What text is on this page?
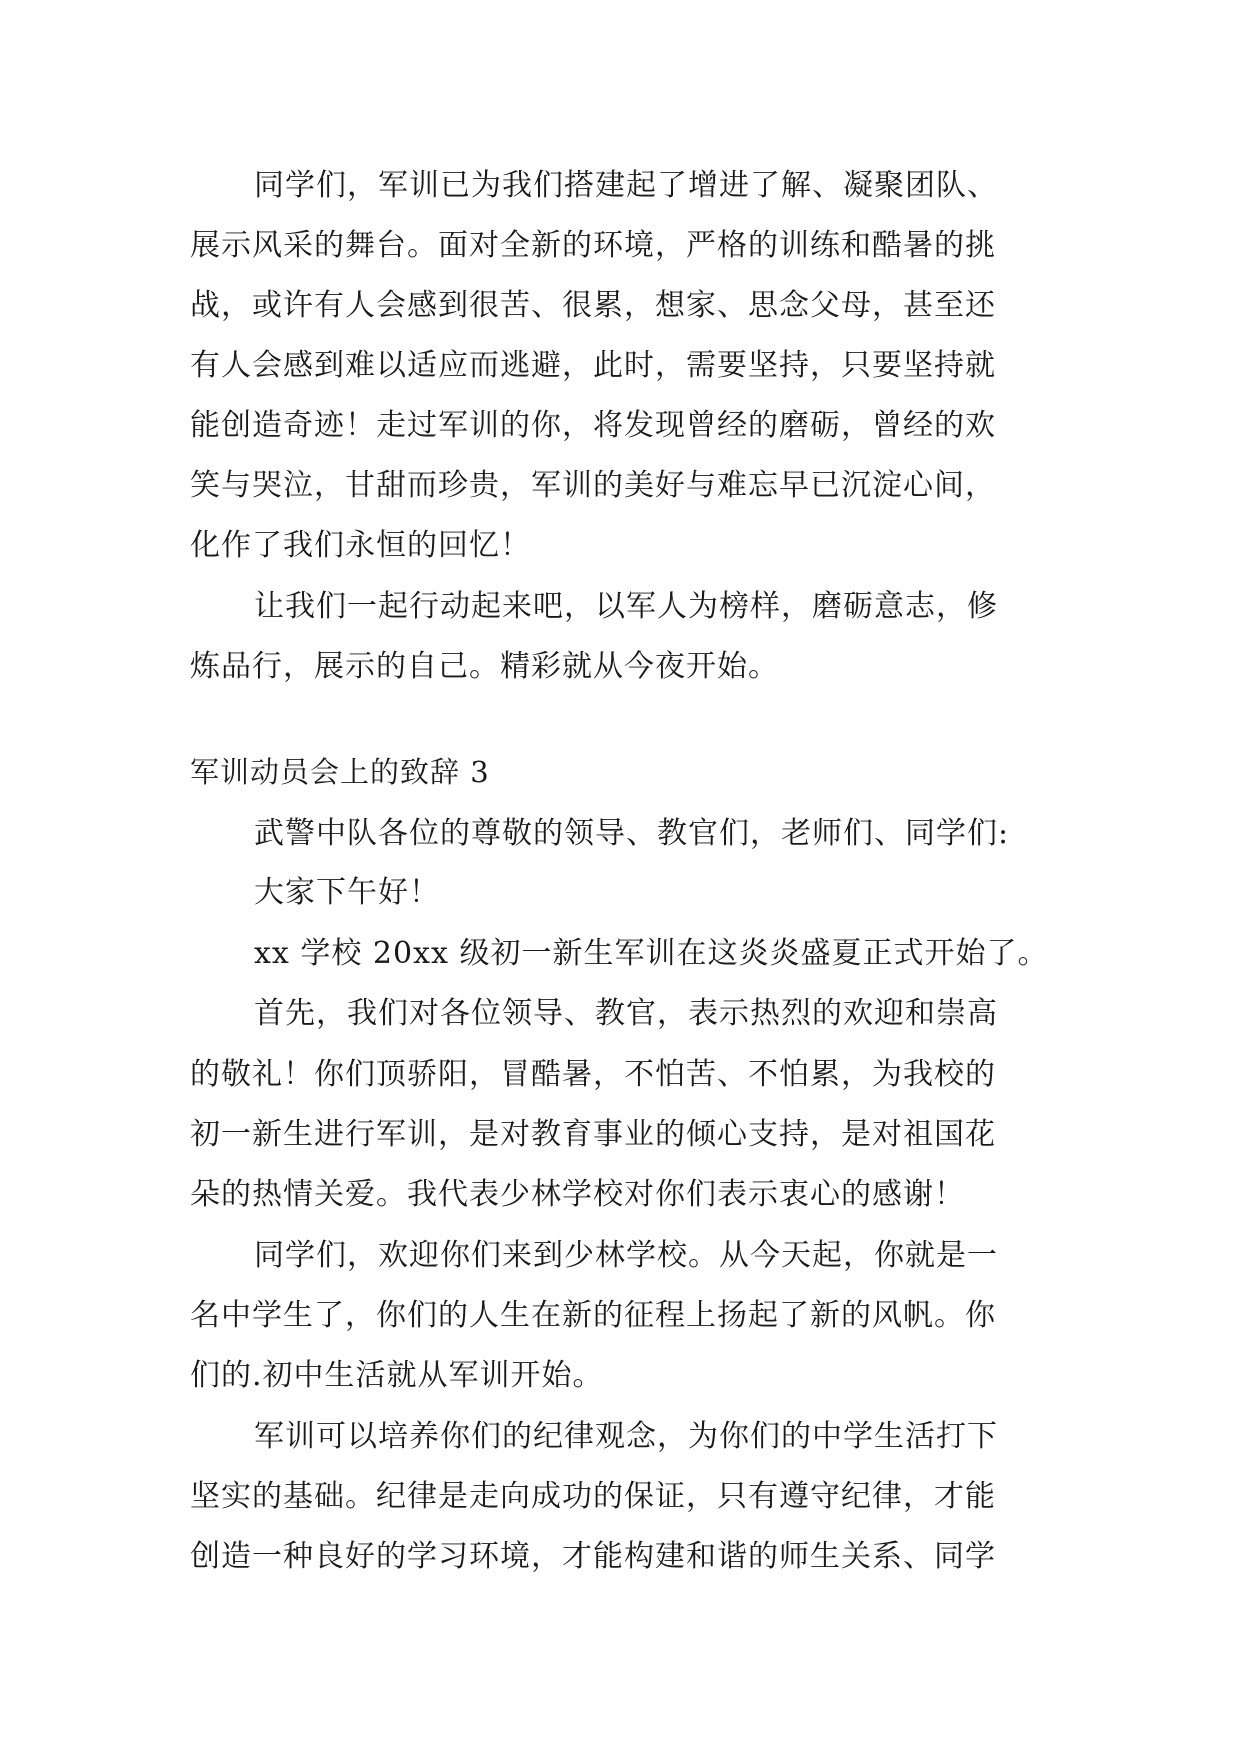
同学们，军训已为我们搭建起了增进了解、凝聚团队、
展示风采的舞台。面对全新的环境，严格的训练和酷暑的挑
战，或许有人会感到很苦、很累，想家、思念父母，甚至还
有人会感到难以适应而逃避，此时，需要坚持，只要坚持就
能创造奇迹！走过军训的你，将发现曾经的磨砺，曾经的欢
笑与哭泣，甘甜而珍贵，军训的美好与难忘早已沉淀心间，
化作了我们永恒的回忆！
让我们一起行动起来吧，以军人为榜样，磨砺意志，修
炼品行，展示的自己。精彩就从今夜开始。
军训动员会上的致辞 3
武警中队各位的尊敬的领导、教官们，老师们、同学们:
大家下午好！
xx 学校 20xx 级初一新生军训在这炎炎盛夏正式开始了。
首先，我们对各位领导、教官，表示热烈的欢迎和崇高
的敬礼！你们顶骄阳，冒酷暑，不怕苦、不怕累，为我校的
初一新生进行军训，是对教育事业的倾心支持，是对祖国花
朵的热情关爱。我代表少林学校对你们表示衷心的感谢！
同学们，欢迎你们来到少林学校。从今天起，你就是一
名中学生了，你们的人生在新的征程上扬起了新的风帆。你
们的.初中生活就从军训开始。
军训可以培养你们的纪律观念，为你们的中学生活打下
坚实的基础。纪律是走向成功的保证，只有遵守纪律，才能
创造一种良好的学习环境，才能构建和谐的师生关系、同学
